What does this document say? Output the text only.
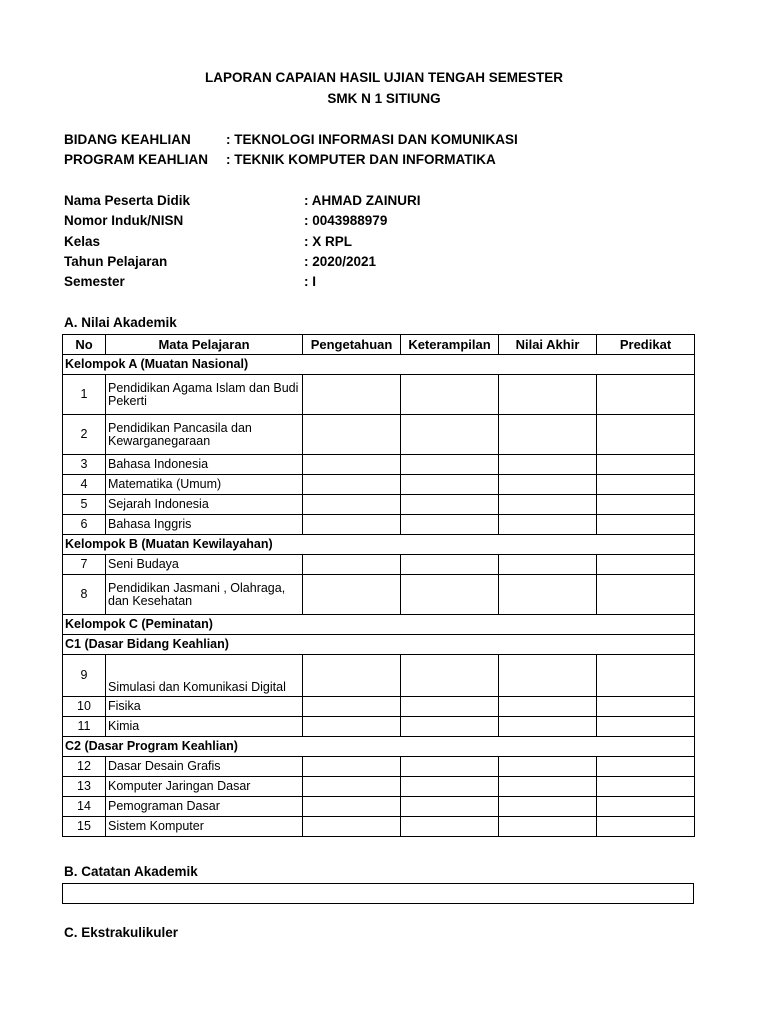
LAPORAN CAPAIAN HASIL UJIAN TENGAH SEMESTER
SMK N 1 SITIUNG
BIDANG KEAHLIAN	: TEKNOLOGI INFORMASI DAN KOMUNIKASI
PROGRAM KEAHLIAN : TEKNIK KOMPUTER DAN INFORMATIKA
Nama Peserta Didik	: AHMAD ZAINURI
Nomor Induk/NISN	: 0043988979
Kelas	: X RPL
Tahun Pelajaran	: 2020/2021
Semester	: I
A. Nilai Akademik
No	Mata Pelajaran	Pengetahuan	Keterampilan	Nilai Akhir	Predikat
Kelompok A (Muatan Nasional)					
1	Pendidikan Agama Islam dan Budi Pekerti				
2	Pendidikan Pancasila dan Kewarganegaraan				
3	Bahasa Indonesia				
4	Matematika (Umum)				
5	Sejarah Indonesia				
6	Bahasa Inggris				
Kelompok B (Muatan Kewilayahan)					
7	Seni Budaya				
8	Pendidikan Jasmani , Olahraga, dan Kesehatan				
Kelompok C (Peminatan)					
C1 (Dasar Bidang Keahlian)					
9	Simulasi dan Komunikasi Digital				
10	Fisika				
11	Kimia				
C2 (Dasar Program Keahlian)					
12	Dasar Desain Grafis				
13	Komputer Jaringan Dasar				
14	Pemograman Dasar				
15	Sistem Komputer				
B. Catatan Akademik
C. Ekstrakulikuler
